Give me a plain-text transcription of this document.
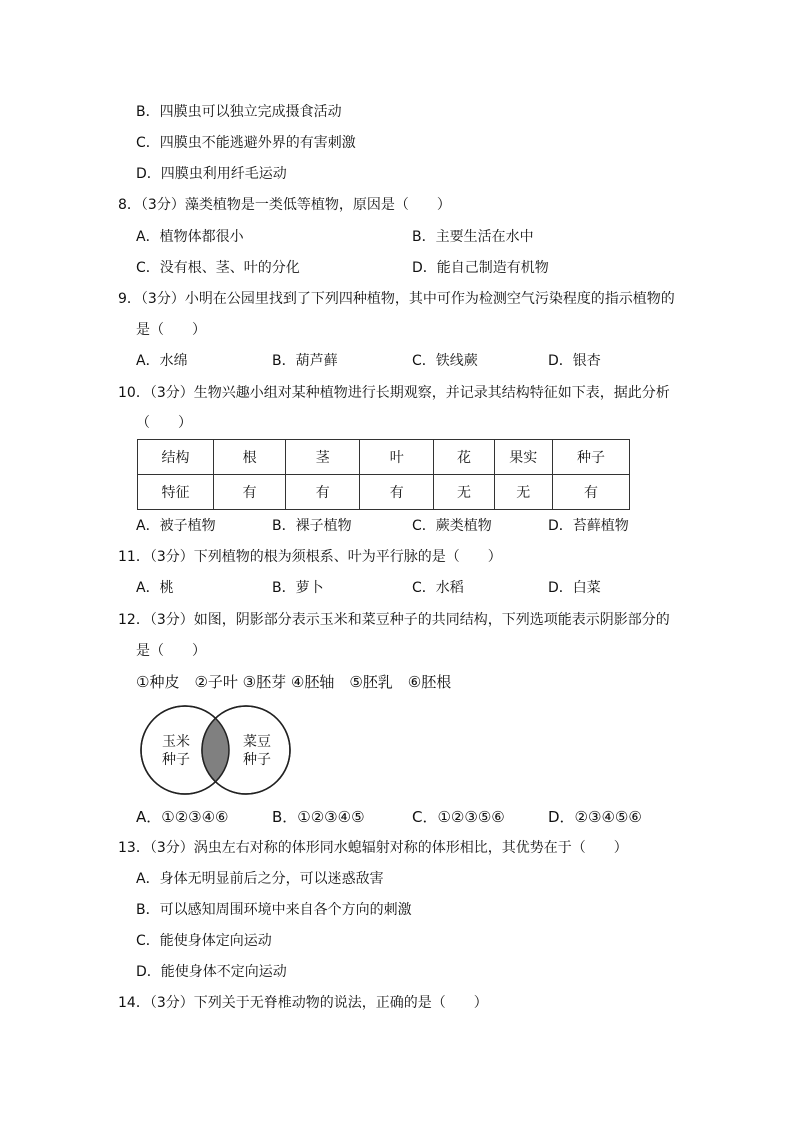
B．四膜虫可以独立完成摄食活动
C．四膜虫不能逃避外界的有害刺激
D．四膜虫利用纤毛运动
8．（3分）藻类植物是一类低等植物，原因是（　　）
A．植物体都很小	B．主要生活在水中
C．没有根、茎、叶的分化	D．能自己制造有机物
9．（3分）小明在公园里找到了下列四种植物，其中可作为检测空气污染程度的指示植物的
是（　　）
A．水绵	B．葫芦藓	C．铁线蕨	D．银杏
10．（3分）生物兴趣小组对某种植物进行长期观察，并记录其结构特征如下表，据此分析
（　　）
结构	根	茎	叶	花	果实	种子
特征	有	有	有	无	无	有
A．被子植物	B．裸子植物	C．蕨类植物	D．苔藓植物
11．（3分）下列植物的根为须根系、叶为平行脉的是（　　）
A．桃	B．萝卜	C．水稻	D．白菜
12．（3分）如图，阴影部分表示玉米和菜豆种子的共同结构，下列选项能表示阴影部分的
是（　　）
①种皮　②子叶 ③胚芽 ④胚轴　⑤胚乳　⑥胚根
玉米
种子
菜豆
种子
A．①②③④⑥	B．①②③④⑤	C．①②③⑤⑥	D．②③④⑤⑥
13．（3分）涡虫左右对称的体形同水螅辐射对称的体形相比，其优势在于（　　）
A．身体无明显前后之分，可以迷惑敌害
B．可以感知周围环境中来自各个方向的刺激
C．能使身体定向运动
D．能使身体不定向运动
14．（3分）下列关于无脊椎动物的说法，正确的是（　　）
